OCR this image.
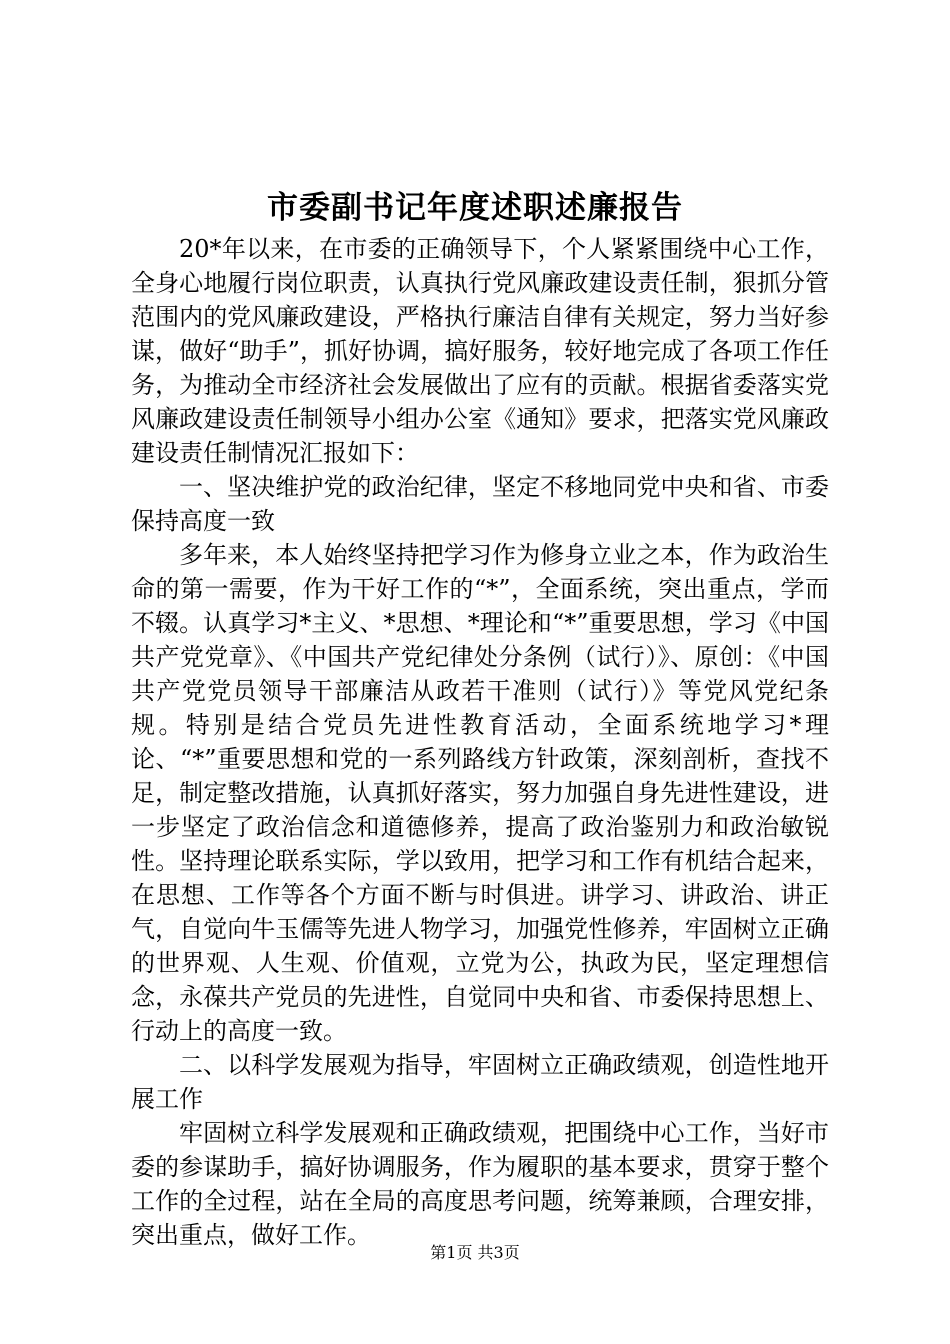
市委副书记年度述职述廉报告

20*年以来，在市委的正确领导下，个人紧紧围绕中心工作，全身心地履行岗位职责，认真执行党风廉政建设责任制，狠抓分管范围内的党风廉政建设，严格执行廉洁自律有关规定，努力当好参谋，做好“助手”，抓好协调，搞好服务，较好地完成了各项工作任务，为推动全市经济社会发展做出了应有的贡献。根据省委落实党风廉政建设责任制领导小组办公室《通知》要求，把落实党风廉政建设责任制情况汇报如下：

一、坚决维护党的政治纪律，坚定不移地同党中央和省、市委保持高度一致

多年来，本人始终坚持把学习作为修身立业之本，作为政治生命的第一需要，作为干好工作的“*”，全面系统，突出重点，学而不辍。认真学习*主义、*思想、*理论和“*”重要思想，学习《中国共产党党章》、《中国共产党纪律处分条例（试行）》、原创：《中国共产党党员领导干部廉洁从政若干准则（试行）》等党风党纪条规。特别是结合党员先进性教育活动，全面系统地学习*理论、“*”重要思想和党的一系列路线方针政策，深刻剖析，查找不足，制定整改措施，认真抓好落实，努力加强自身先进性建设，进一步坚定了政治信念和道德修养，提高了政治鉴别力和政治敏锐性。坚持理论联系实际，学以致用，把学习和工作有机结合起来，在思想、工作等各个方面不断与时俱进。讲学习、讲政治、讲正气，自觉向牛玉儒等先进人物学习，加强党性修养，牢固树立正确的世界观、人生观、价值观，立党为公，执政为民，坚定理想信念，永葆共产党员的先进性，自觉同中央和省、市委保持思想上、行动上的高度一致。

二、以科学发展观为指导，牢固树立正确政绩观，创造性地开展工作

牢固树立科学发展观和正确政绩观，把围绕中心工作，当好市委的参谋助手，搞好协调服务，作为履职的基本要求，贯穿于整个工作的全过程，站在全局的高度思考问题，统筹兼顾，合理安排，突出重点，做好工作。

第1页 共3页
